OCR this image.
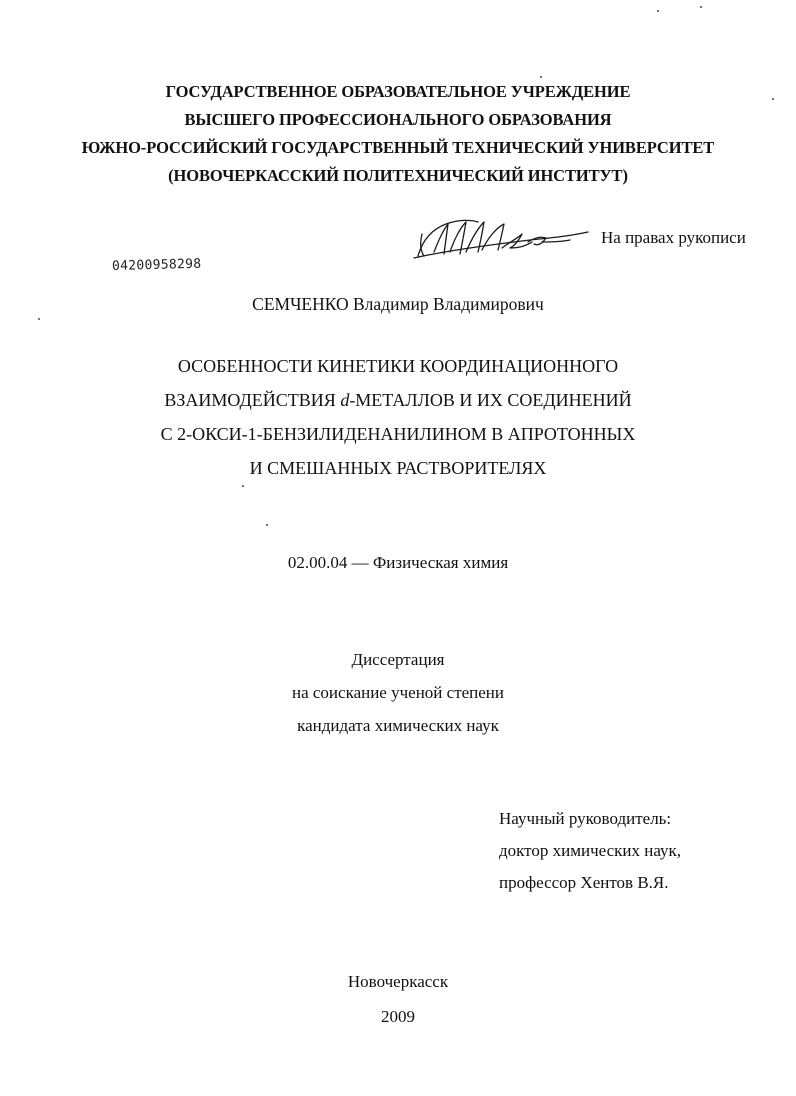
ГОСУДАРСТВЕННОЕ ОБРАЗОВАТЕЛЬНОЕ УЧРЕЖДЕНИЕ
ВЫСШЕГО ПРОФЕССИОНАЛЬНОГО ОБРАЗОВАНИЯ
ЮЖНО-РОССИЙСКИЙ ГОСУДАРСТВЕННЫЙ ТЕХНИЧЕСКИЙ УНИВЕРСИТЕТ
(НОВОЧЕРКАССКИЙ ПОЛИТЕХНИЧЕСКИЙ ИНСТИТУТ)
На правах рукописи
04200958298
СЕМЧЕНКО Владимир Владимирович
ОСОБЕННОСТИ КИНЕТИКИ КООРДИНАЦИОННОГО
ВЗАИМОДЕЙСТВИЯ d-МЕТАЛЛОВ И ИХ СОЕДИНЕНИЙ
С 2-ОКСИ-1-БЕНЗИЛИДЕНАНИЛИНОМ В АПРОТОННЫХ
И СМЕШАННЫХ РАСТВОРИТЕЛЯХ
02.00.04 — Физическая химия
Диссертация
на соискание ученой степени
кандидата химических наук
Научный руководитель:
доктор химических наук,
профессор Хентов В.Я.
Новочеркасск
2009
